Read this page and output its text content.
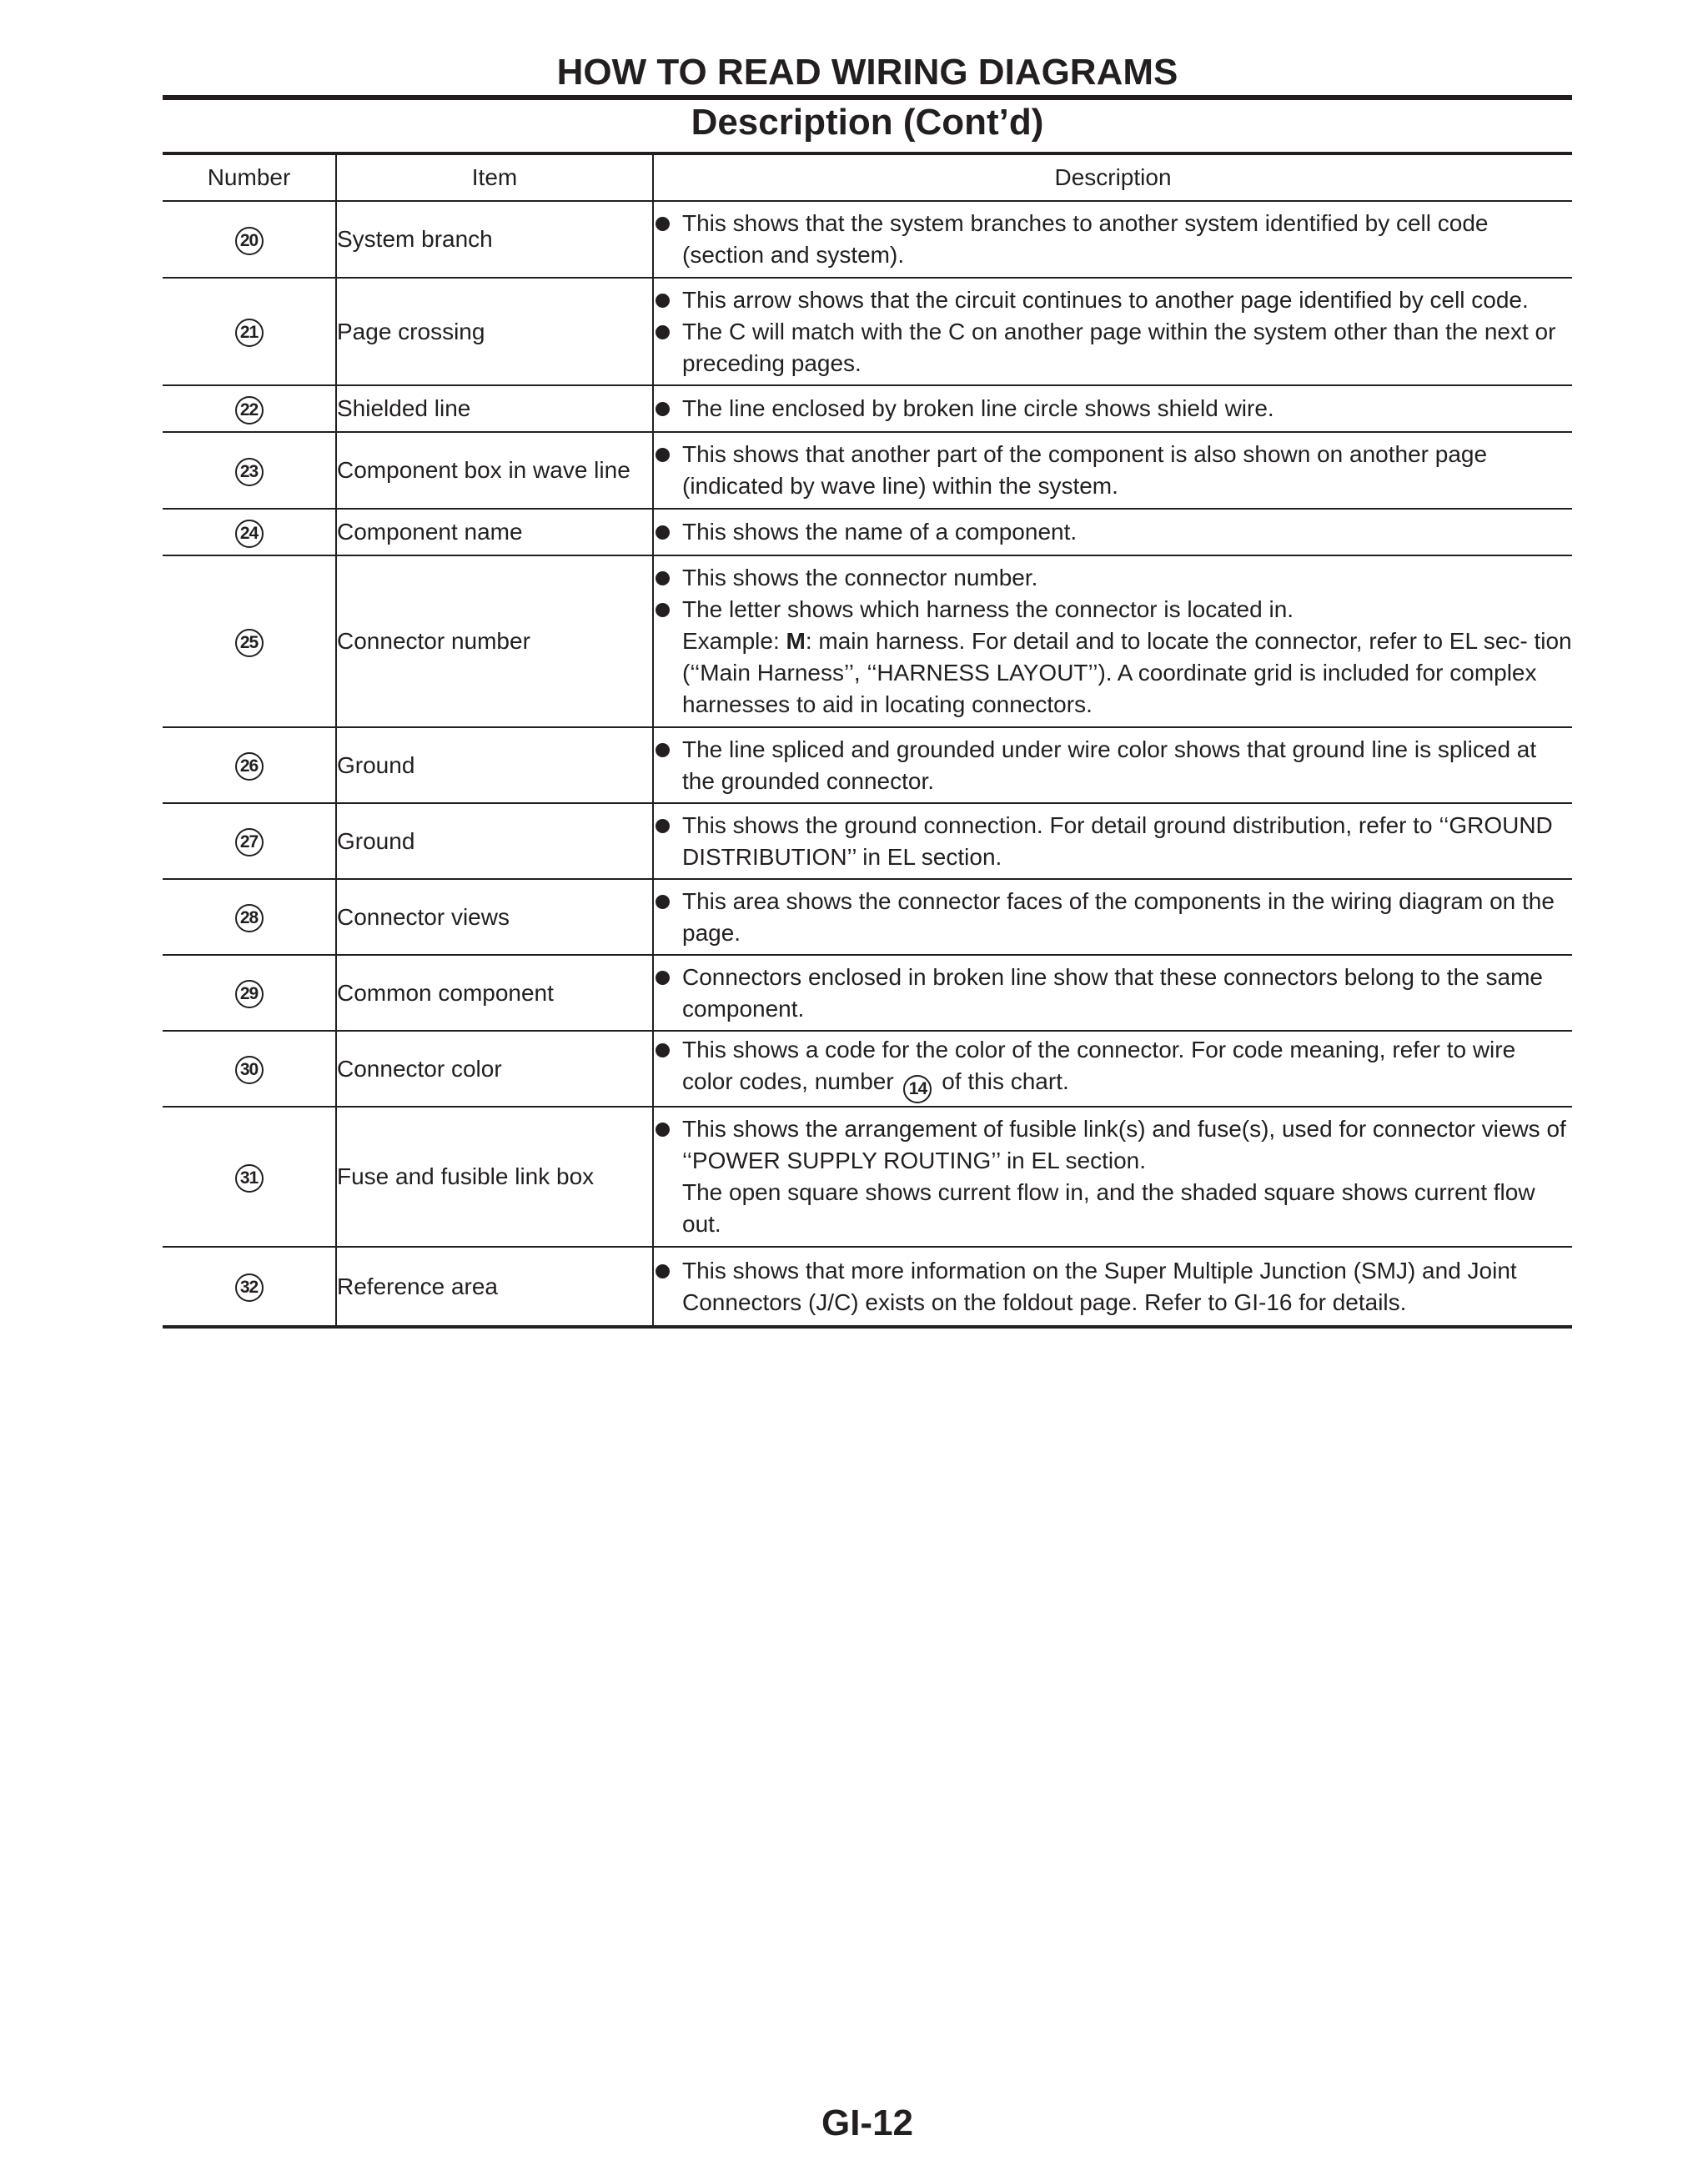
HOW TO READ WIRING DIAGRAMS
Description (Cont’d)
Number	Item	Description
20	System branch	This shows that the system branches to another system identified by cell code (section and system).

21	Page crossing	This arrow shows that the circuit continues to another page identified by cell code.
The C will match with the C on another page within the system other than the next or preceding pages.

22	Shielded line	The line enclosed by broken line circle shows shield wire.

23	Component box in wave line	This shows that another part of the component is also shown on another page (indicated by wave line) within the system.

24	Component name	This shows the name of a component.

25	Connector number	This shows the connector number.
The letter shows which harness the connector is located in.
Example: M: main harness. For detail and to locate the connector, refer to EL sec- tion (‘‘Main Harness’’, ‘‘HARNESS LAYOUT’’). A coordinate grid is included for complex harnesses to aid in locating connectors.

26	Ground	The line spliced and grounded under wire color shows that ground line is spliced at the grounded connector.

27	Ground	This shows the ground connection. For detail ground distribution, refer to ‘‘GROUND DISTRIBUTION’’ in EL section.

28	Connector views	This area shows the connector faces of the components in the wiring diagram on the page.

29	Common component	Connectors enclosed in broken line show that these connectors belong to the same component.

30	Connector color	This shows a code for the color of the connector. For code meaning, refer to wire color codes, number 14 of this chart.

31	Fuse and fusible link box	This shows the arrangement of fusible link(s) and fuse(s), used for connector views of ‘‘POWER SUPPLY ROUTING’’ in EL section.
The open square shows current flow in, and the shaded square shows current flow out.

32	Reference area	This shows that more information on the Super Multiple Junction (SMJ) and Joint Connectors (J/C) exists on the foldout page. Refer to GI-16 for details.
GI-12
